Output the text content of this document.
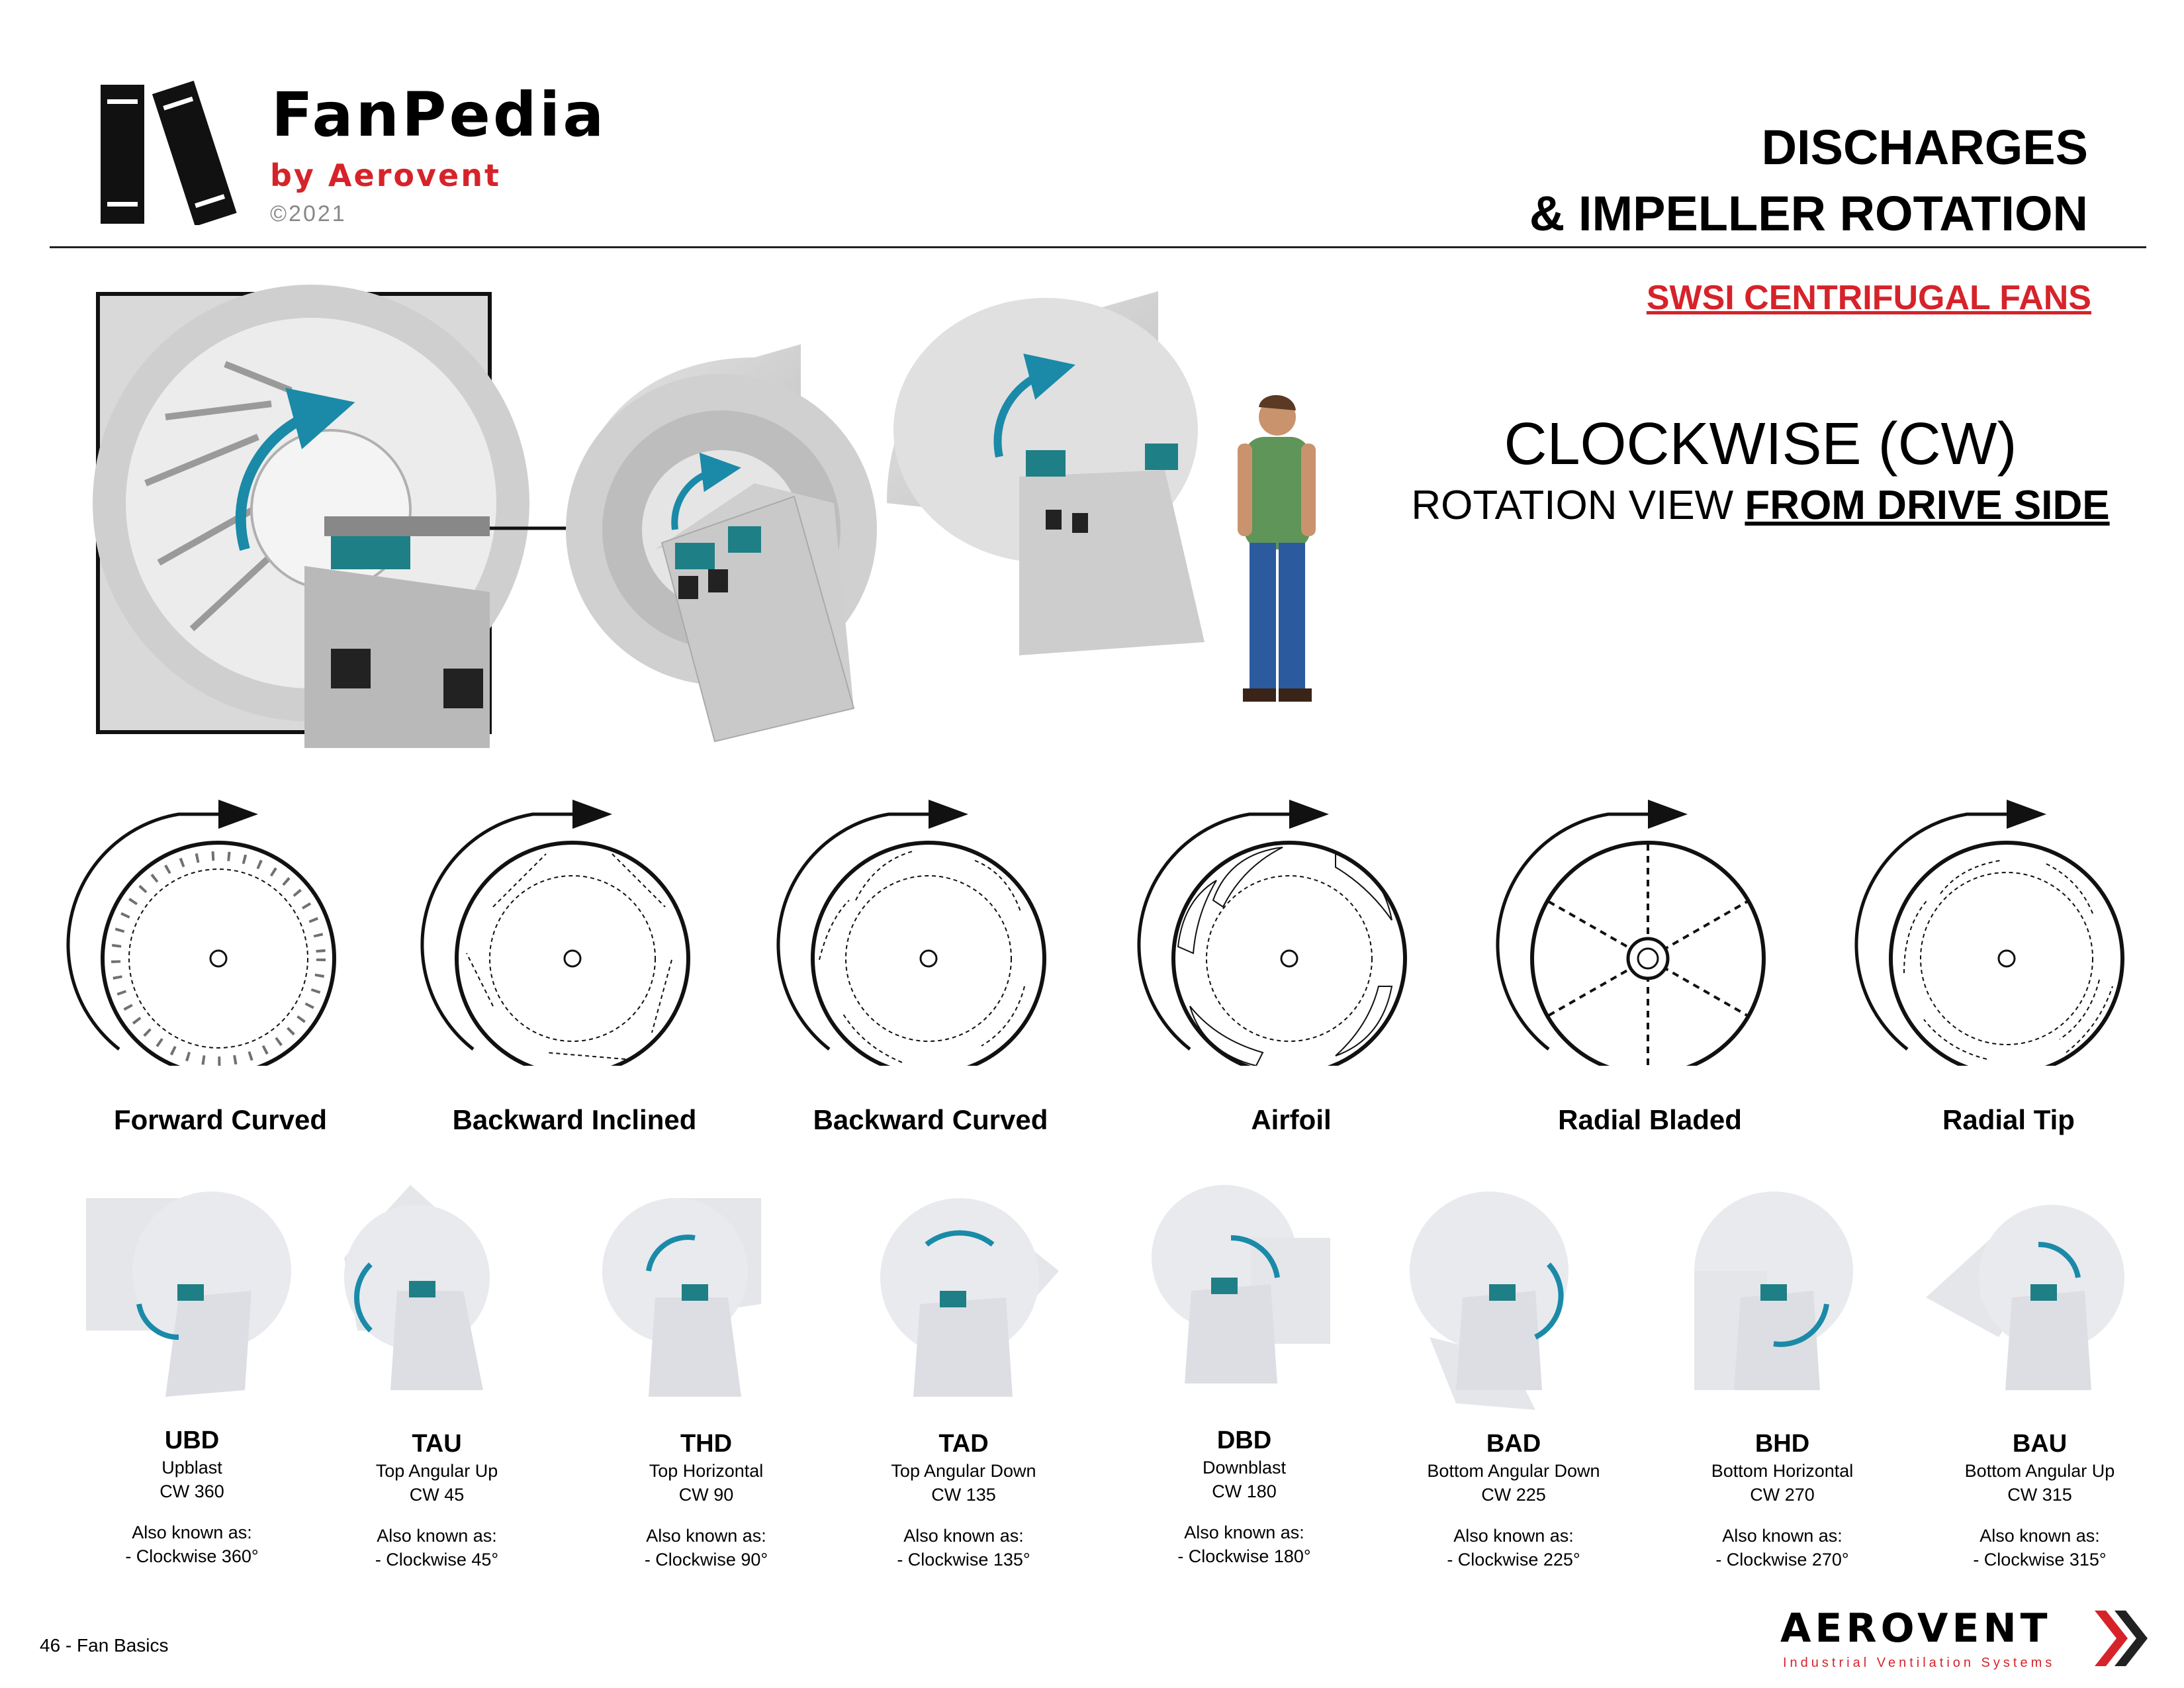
FanPedia
by Aerovent
©2021
DISCHARGES
& IMPELLER ROTATION
SWSI CENTRIFUGAL FANS
CLOCKWISE (CW)
ROTATION VIEW FROM DRIVE SIDE
Forward Curved	Backward Inclined	Backward Curved	Airfoil	Radial Bladed	Radial Tip
UBD
Upblast
CW 360
Also known as:
- Clockwise 360°
TAU
Top Angular Up
CW 45
Also known as:
- Clockwise 45°
THD
Top Horizontal
CW 90
Also known as:
- Clockwise 90°
TAD
Top Angular Down
CW 135
Also known as:
- Clockwise 135°
DBD
Downblast
CW 180
Also known as:
- Clockwise 180°
BAD
Bottom Angular Down
CW 225
Also known as:
- Clockwise 225°
BHD
Bottom Horizontal
CW 270
Also known as:
- Clockwise 270°
BAU
Bottom Angular Up
CW 315
Also known as:
- Clockwise 315°
46 - Fan Basics	AEROVENT
Industrial Ventilation Systems
